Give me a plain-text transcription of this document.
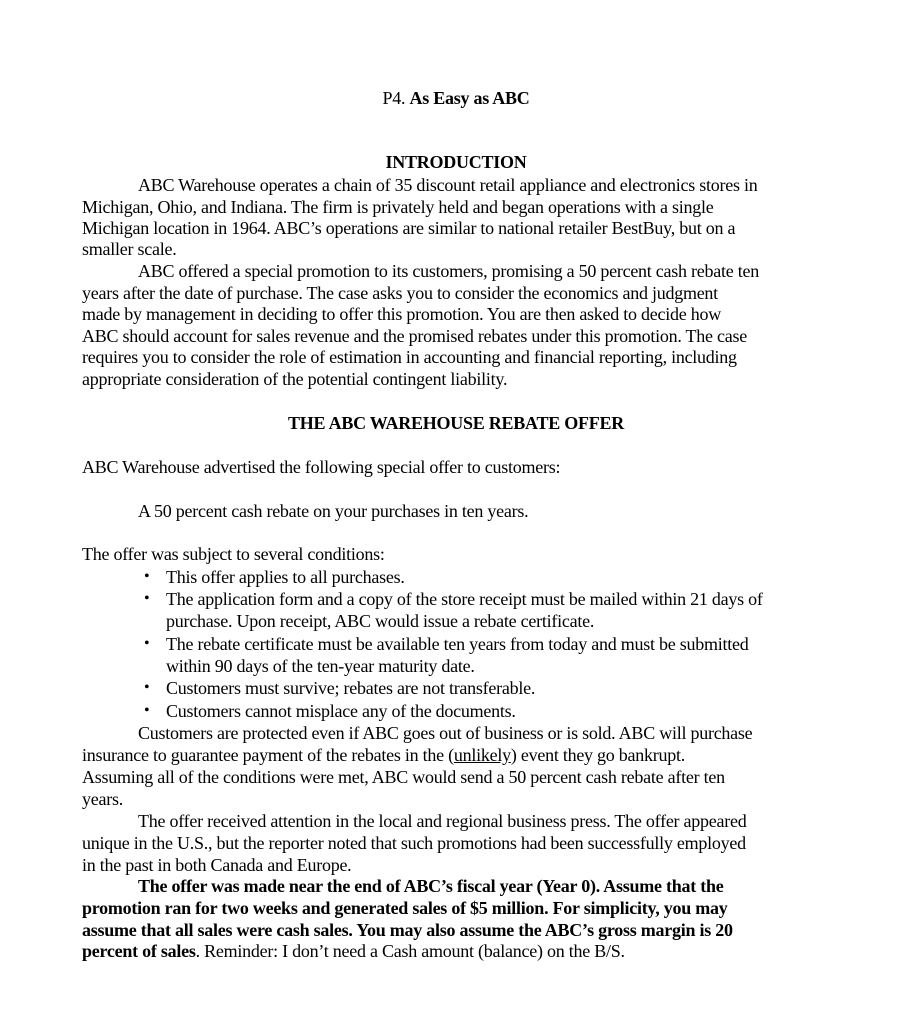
P4. As Easy as ABC
INTRODUCTION
ABC Warehouse operates a chain of 35 discount retail appliance and electronics stores in
Michigan, Ohio, and Indiana. The firm is privately held and began operations with a single
Michigan location in 1964. ABC’s operations are similar to national retailer BestBuy, but on a
smaller scale.
ABC offered a special promotion to its customers, promising a 50 percent cash rebate ten
years after the date of purchase. The case asks you to consider the economics and judgment
made by management in deciding to offer this promotion. You are then asked to decide how
ABC should account for sales revenue and the promised rebates under this promotion. The case
requires you to consider the role of estimation in accounting and financial reporting, including
appropriate consideration of the potential contingent liability.
THE ABC WAREHOUSE REBATE OFFER
ABC Warehouse advertised the following special offer to customers:
A 50 percent cash rebate on your purchases in ten years.
The offer was subject to several conditions:
• This offer applies to all purchases.
• The application form and a copy of the store receipt must be mailed within 21 days of
purchase. Upon receipt, ABC would issue a rebate certificate.
• The rebate certificate must be available ten years from today and must be submitted
within 90 days of the ten-year maturity date.
• Customers must survive; rebates are not transferable.
• Customers cannot misplace any of the documents.
Customers are protected even if ABC goes out of business or is sold. ABC will purchase
insurance to guarantee payment of the rebates in the (unlikely) event they go bankrupt.
Assuming all of the conditions were met, ABC would send a 50 percent cash rebate after ten
years.
The offer received attention in the local and regional business press. The offer appeared
unique in the U.S., but the reporter noted that such promotions had been successfully employed
in the past in both Canada and Europe.
The offer was made near the end of ABC’s fiscal year (Year 0). Assume that the
promotion ran for two weeks and generated sales of $5 million. For simplicity, you may
assume that all sales were cash sales. You may also assume the ABC’s gross margin is 20
percent of sales. Reminder: I don’t need a Cash amount (balance) on the B/S.
